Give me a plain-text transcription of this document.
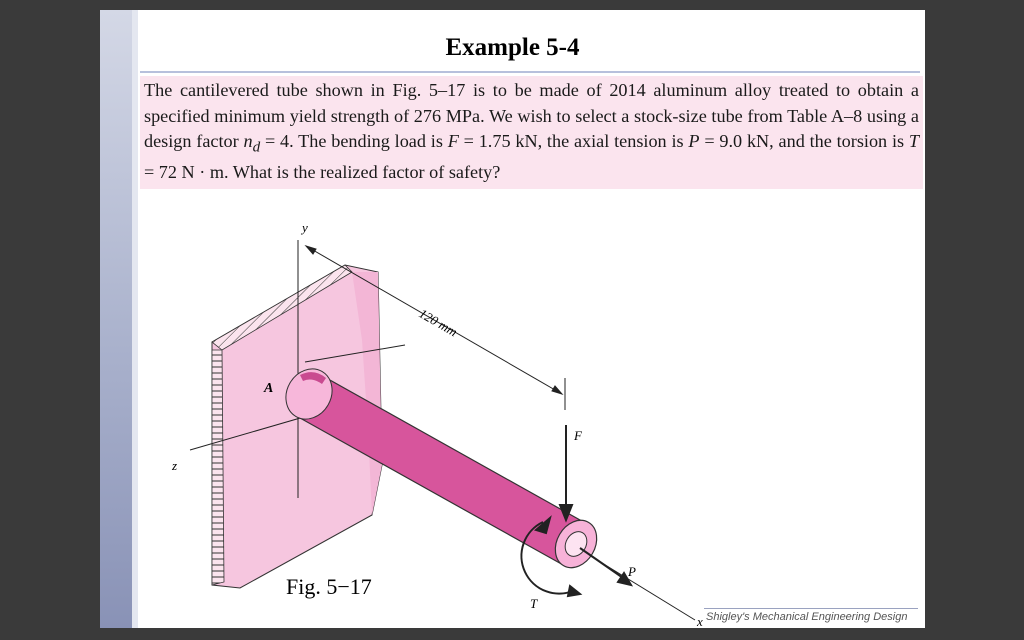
Example 5-4

The cantilevered tube shown in Fig. 5–17 is to be made of 2014 aluminum alloy treated to obtain a specified minimum yield strength of 276 MPa. We wish to select a stock-size tube from Table A–8 using a design factor $n_d = 4$. The bending load is F = 1.75 kN, the axial tension is P = 9.0 kN, and the torsion is T = 72 N · m. What is the realized factor of safety?

y
z
x
A
F
P
T
120 mm
Fig. 5−17
Shigley's Mechanical Engineering Design
